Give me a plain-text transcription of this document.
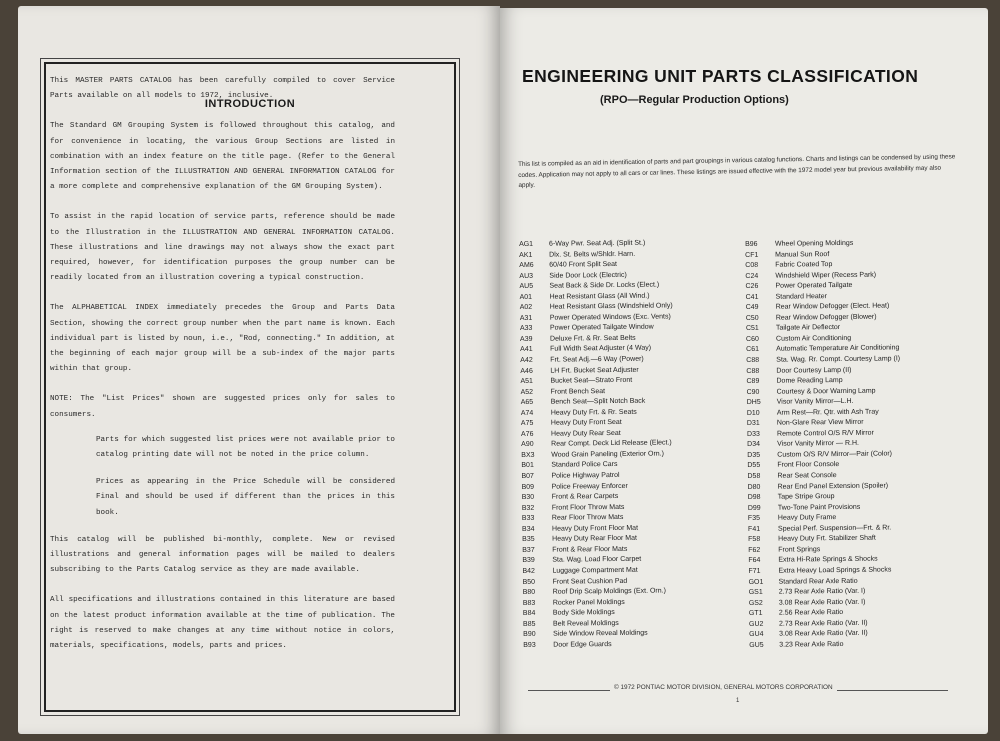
INTRODUCTION

This MASTER PARTS CATALOG has been carefully compiled to cover Service Parts available on all models to 1972, inclusive.

The Standard GM Grouping System is followed throughout this catalog, and for convenience in locating, the various Group Sections are listed in combination with an index feature on the title page. (Refer to the General Information section of the ILLUSTRATION AND GENERAL INFORMATION CATALOG for a more complete and comprehensive explanation of the GM Grouping System).

To assist in the rapid location of service parts, reference should be made to the Illustration in the ILLUSTRATION AND GENERAL INFORMATION CATALOG. These illustrations and line drawings may not always show the exact part required, however, for identification purposes the group number can be readily located from an illustration covering a typical construction.

The ALPHABETICAL INDEX immediately precedes the Group and Parts Data Section, showing the correct group number when the part name is known. Each individual part is listed by noun, i.e., "Rod, connecting." In addition, at the beginning of each major group will be a sub-index of the major parts within that group.

NOTE: The "List Prices" shown are suggested prices only for sales to consumers.

Parts for which suggested list prices were not available prior to catalog printing date will not be noted in the price column.

Prices as appearing in the Price Schedule will be considered Final and should be used if different than the prices in this book.

This catalog will be published bi-monthly, complete. New or revised illustrations and general information pages will be mailed to dealers subscribing to the Parts Catalog service as they are made available.

All specifications and illustrations contained in this literature are based on the latest product information available at the time of publication. The right is reserved to make changes at any time without notice in colors, materials, specifications, models, parts and prices.

ENGINEERING UNIT PARTS CLASSIFICATION
(RPO—Regular Production Options)
This list is compiled as an aid in identification of parts and part groupings in various catalog functions. Charts and listings can be condensed by using these codes. Application may not apply to all cars or car lines. These listings are issued effective with the 1972 model year but previous availability may also apply.
AG1	6-Way Pwr. Seat Adj. (Split St.)
AK1	Dlx. St. Belts w/Shldr. Harn.
AM6	60/40 Front Split Seat
AU3	Side Door Lock (Electric)
AU5	Seat Back & Side Dr. Locks (Elect.)
A01	Heat Resistant Glass (All Wind.)
A02	Heat Resistant Glass (Windshield Only)
A31	Power Operated Windows (Exc. Vents)
A33	Power Operated Tailgate Window
A39	Deluxe Frt. & Rr. Seat Belts
A41	Full Width Seat Adjuster (4 Way)
A42	Frt. Seat Adj.—6 Way (Power)
A46	LH Frt. Bucket Seat Adjuster
A51	Bucket Seat—Strato Front
A52	Front Bench Seat
A65	Bench Seat—Split Notch Back
A74	Heavy Duty Frt. & Rr. Seats
A75	Heavy Duty Front Seat
A76	Heavy Duty Rear Seat
A90	Rear Compt. Deck Lid Release (Elect.)
BX3	Wood Grain Paneling (Exterior Orn.)
B01	Standard Police Cars
B07	Police Highway Patrol
B09	Police Freeway Enforcer
B30	Front & Rear Carpets
B32	Front Floor Throw Mats
B33	Rear Floor Throw Mats
B34	Heavy Duty Front Floor Mat
B35	Heavy Duty Rear Floor Mat
B37	Front & Rear Floor Mats
B39	Sta. Wag. Load Floor Carpet
B42	Luggage Compartment Mat
B50	Front Seat Cushion Pad
B80	Roof Drip Scalp Moldings (Ext. Orn.)
B83	Rocker Panel Moldings
B84	Body Side Moldings
B85	Belt Reveal Moldings
B90	Side Window Reveal Moldings
B93	Door Edge Guards
B96	Wheel Opening Moldings
CF1	Manual Sun Roof
C08	Fabric Coated Top
C24	Windshield Wiper (Recess Park)
C26	Power Operated Tailgate
C41	Standard Heater
C49	Rear Window Defogger (Elect. Heat)
C50	Rear Window Defogger (Blower)
C51	Tailgate Air Deflector
C60	Custom Air Conditioning
C61	Automatic Temperature Air Conditioning
C88	Sta. Wag. Rr. Compt. Courtesy Lamp (I)
C88	Door Courtesy Lamp (II)
C89	Dome Reading Lamp
C90	Courtesy & Door Warning Lamp
DH5	Visor Vanity Mirror—L.H.
D10	Arm Rest—Rr. Qtr. with Ash Tray
D31	Non-Glare Rear View Mirror
D33	Remote Control O/S R/V Mirror
D34	Visor Vanity Mirror — R.H.
D35	Custom O/S R/V Mirror—Pair (Color)
D55	Front Floor Console
D58	Rear Seat Console
D80	Rear End Panel Extension (Spoiler)
D98	Tape Stripe Group
D99	Two-Tone Paint Provisions
F35	Heavy Duty Frame
F41	Special Perf. Suspension—Frt. & Rr.
F58	Heavy Duty Frt. Stabilizer Shaft
F62	Front Springs
F64	Extra Hi-Rate Springs & Shocks
F71	Extra Heavy Load Springs & Shocks
GO1	Standard Rear Axle Ratio
GS1	2.73 Rear Axle Ratio (Var. I)
GS2	3.08 Rear Axle Ratio (Var. I)
GT1	2.56 Rear Axle Ratio
GU2	2.73 Rear Axle Ratio (Var. II)
GU4	3.08 Rear Axle Ratio (Var. II)
GU5	3.23 Rear Axle Ratio
© 1972 PONTIAC MOTOR DIVISION, GENERAL MOTORS CORPORATION
1
